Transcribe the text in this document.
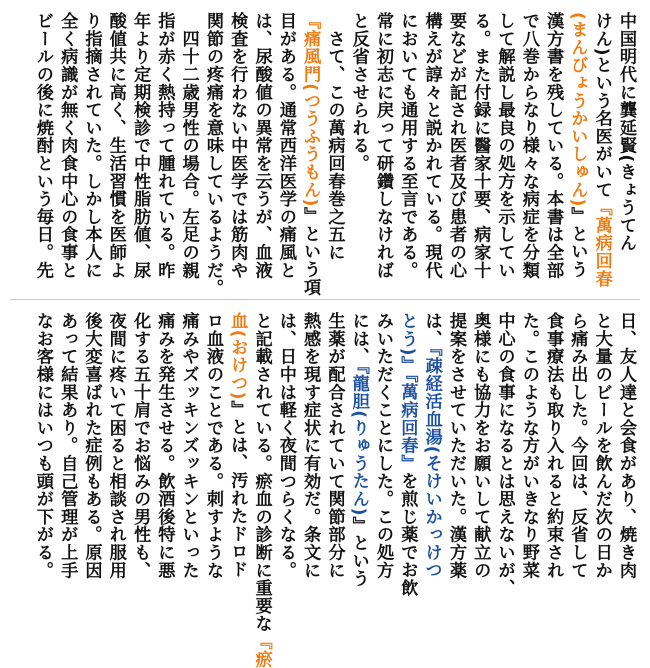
中国明代に龔延賢(きょうてん
けん)という名医がいて『萬病回春
(まんびょうかいしゅん)』という
漢方書を残している。本書は全部
で八巻からなり様々な病症を分類
して解説し最良の処方を示してい
る。また付録に醫家十要、病家十
要などが記され医者及び患者の心
構えが諄々と説かれている。現代
においても通用する至言である。
常に初志に戻って研鑽しなければ
と反省させられる。
　さて、この萬病回春巻之五に
『痛風門(つうふうもん)』という項
目がある。通常西洋医学の痛風と
は、尿酸値の異常を云うが、血液
検査を行わない中医学では筋肉や
関節の疼痛を意味しているようだ。
　四十二歳男性の場合。左足の親
指が赤く熱持って腫れている。昨
年より定期検診で中性脂肪値、尿
酸値共に高く、生活習慣を医師よ
り指摘されていた。しかし本人に
全く病識が無く肉食中心の食事と
ビールの後に焼酎という毎日。先
日、友人達と会食があり、焼き肉
と大量のビールを飲んだ次の日か
ら痛み出した。今回は、反省して
食事療法も取り入れると約束され
た。このような方がいきなり野菜
中心の食事になるとは思えないが、
奥様にも協力をお願いして献立の
提案をさせていただいた。漢方薬
は、『疎経活血湯(そけいかっけつ
とう)』『萬病回春』を煎じ薬でお飲
みいただくことにした。この処方
には、『龍胆(りゅうたん)』という
生薬が配合されていて関節部分に
熱感を現す症状に有効だ。条文に
は、日中は軽く夜間つらくなる。
と記載されている。瘀血の診断に重要な『瘀
血(おけつ)』とは、汚れたドロド
ロ血液のことである。刺すような
痛みやズッキンズッキンといった
痛みを発生させる。飲酒後特に悪
化する五十肩でお悩みの男性も、
夜間に疼いて困ると相談され服用
後大変喜ばれた症例もある。原因
あって結果あり。自己管理が上手
なお客様にはいつも頭が下がる。
